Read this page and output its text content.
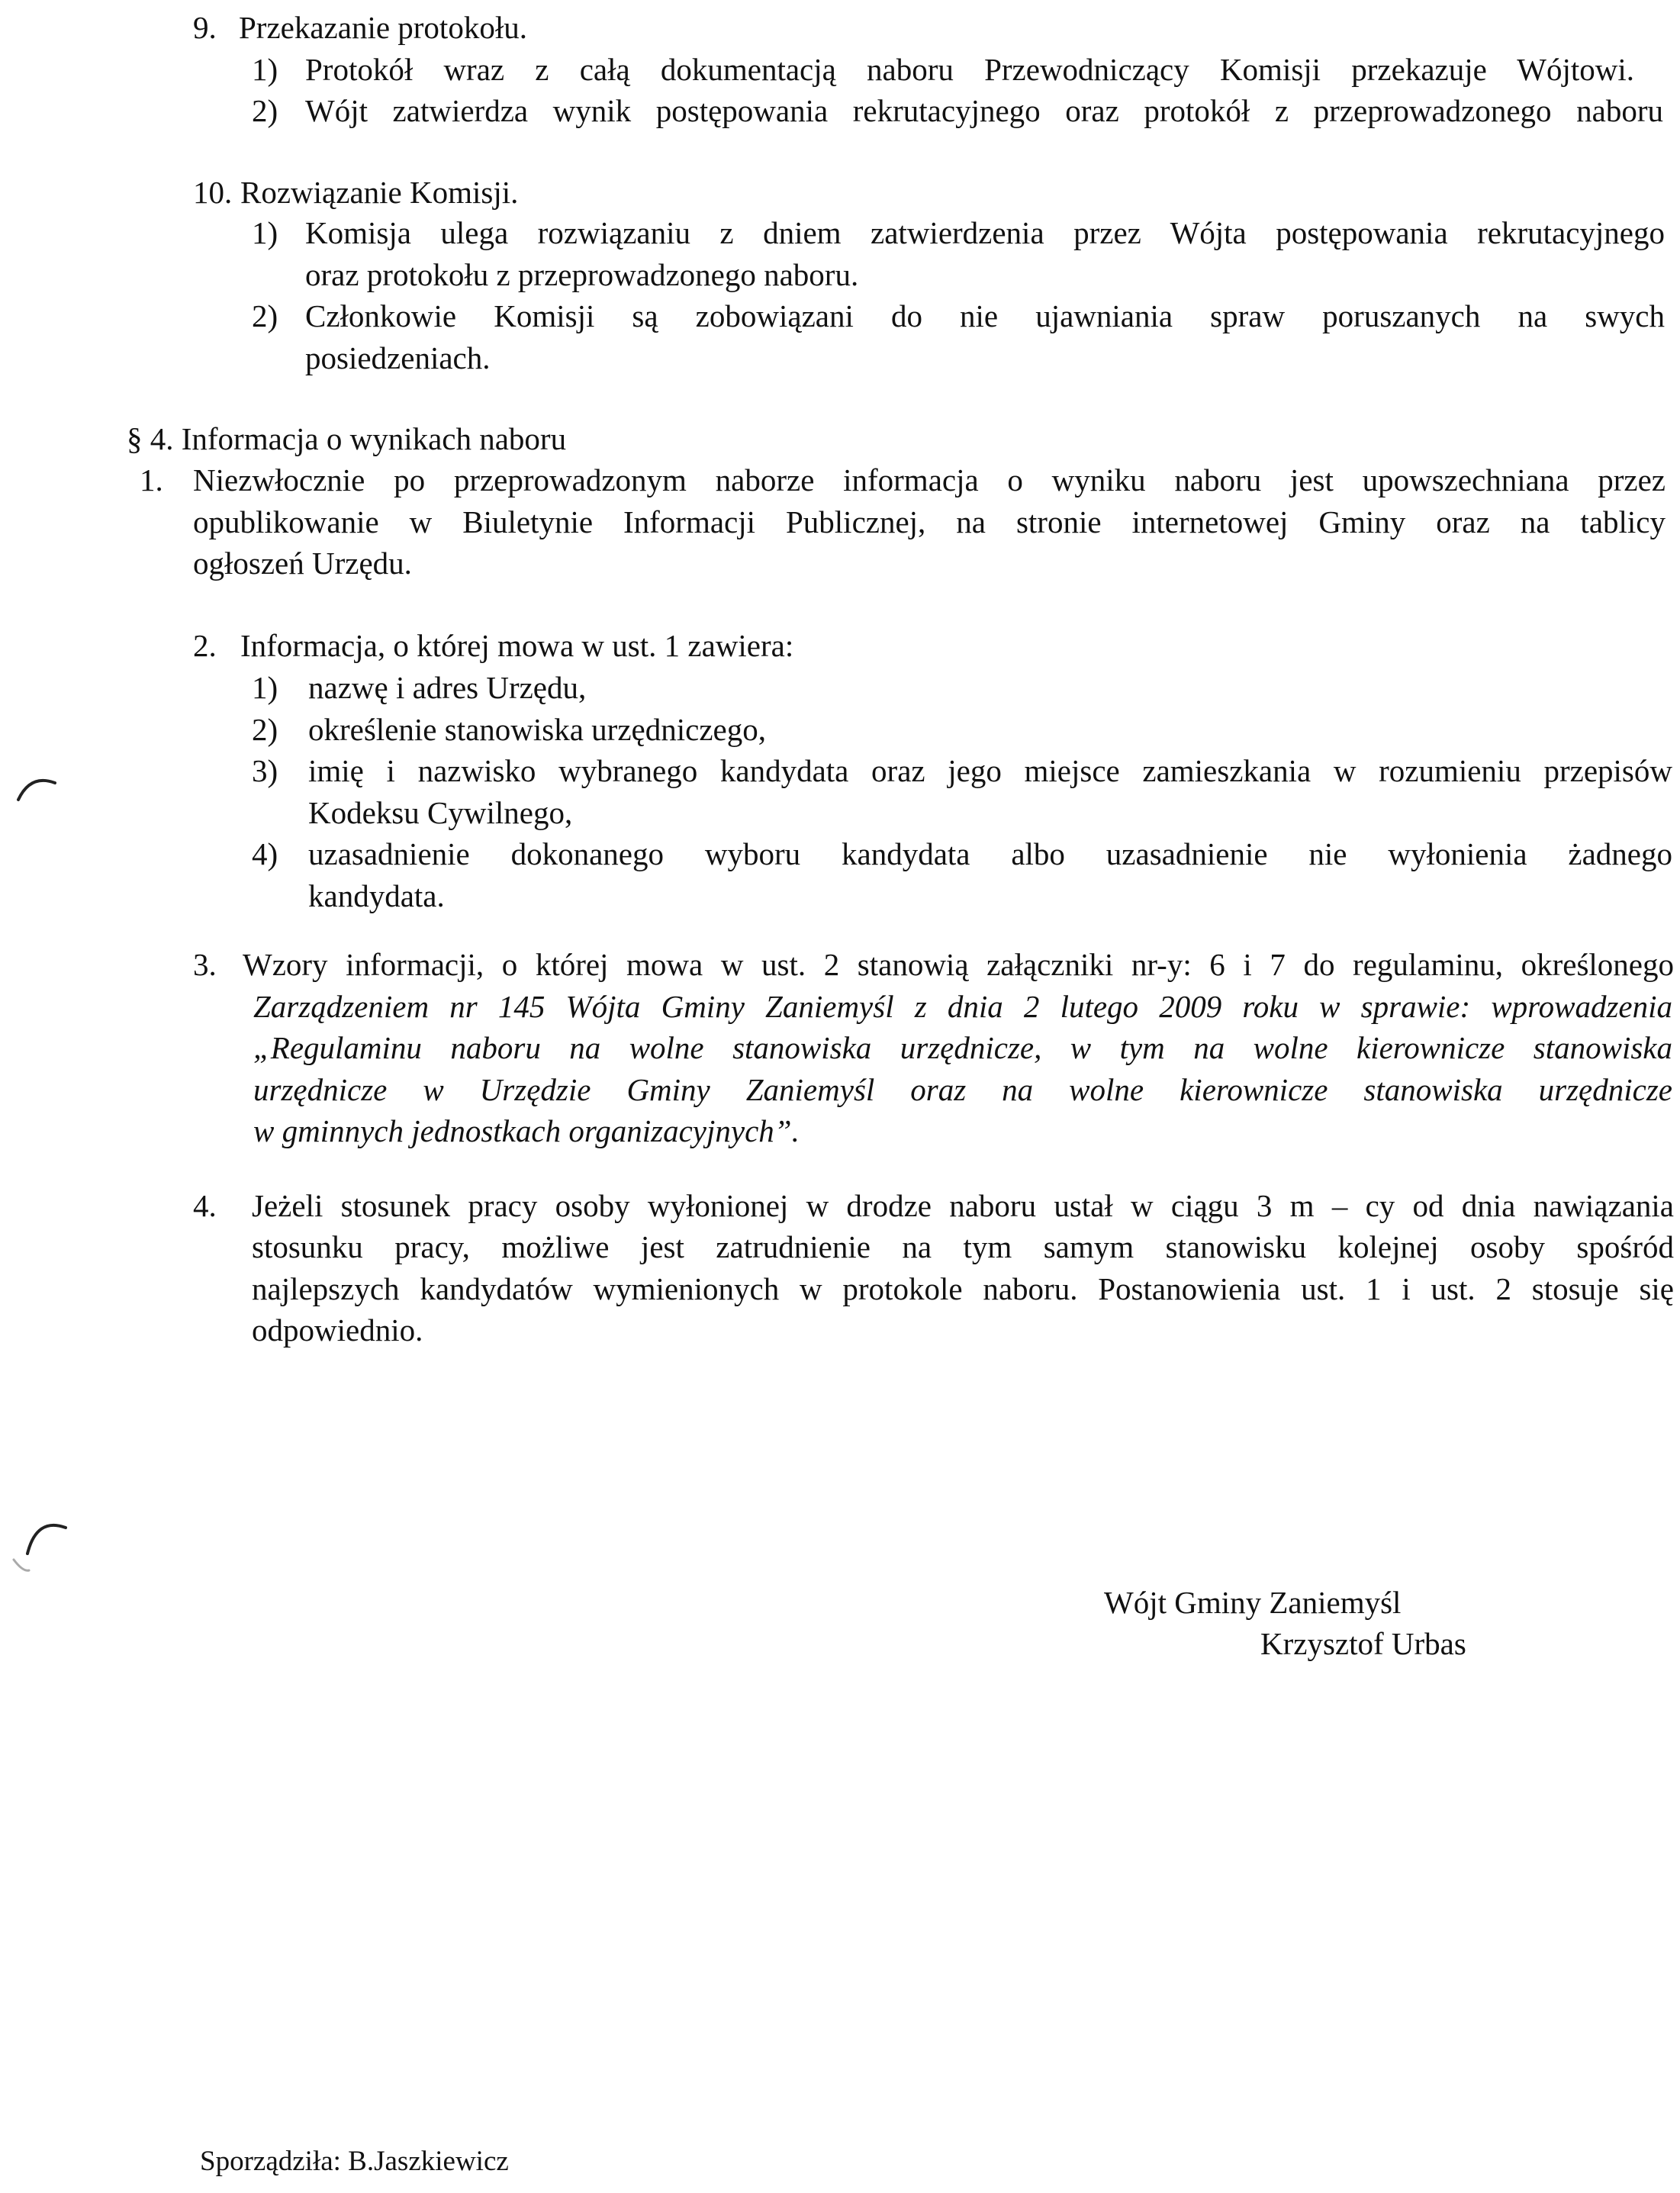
9. Przekazanie protokołu.
1) Protokół wraz z całą dokumentacją naboru Przewodniczący Komisji przekazuje Wójtowi.
2) Wójt zatwierdza wynik postępowania rekrutacyjnego oraz protokół z przeprowadzonego naboru
10. Rozwiązanie Komisji.
1) Komisja ulega rozwiązaniu z dniem zatwierdzenia przez Wójta postępowania rekrutacyjnego
oraz protokołu z przeprowadzonego naboru.
2) Członkowie Komisji są zobowiązani do nie ujawniania spraw poruszanych na swych
posiedzeniach.
§ 4. Informacja o wynikach naboru
1. Niezwłocznie po przeprowadzonym naborze informacja o wyniku naboru jest upowszechniana przez
opublikowanie w Biuletynie Informacji Publicznej, na stronie internetowej Gminy oraz na tablicy
ogłoszeń Urzędu.
2. Informacja, o której mowa w ust. 1 zawiera:
1) nazwę i adres Urzędu,
2) określenie stanowiska urzędniczego,
3) imię i nazwisko wybranego kandydata oraz jego miejsce zamieszkania w rozumieniu przepisów
Kodeksu Cywilnego,
4) uzasadnienie dokonanego wyboru kandydata albo uzasadnienie nie wyłonienia żadnego
kandydata.
3. Wzory informacji, o której mowa w ust. 2 stanowią załączniki nr-y: 6 i 7 do regulaminu, określonego
Zarządzeniem nr 145 Wójta Gminy Zaniemyśl z dnia 2 lutego 2009 roku w sprawie: wprowadzenia
„Regulaminu naboru na wolne stanowiska urzędnicze, w tym na wolne kierownicze stanowiska
urzędnicze w Urzędzie Gminy Zaniemyśl oraz na wolne kierownicze stanowiska urzędnicze
w gminnych jednostkach organizacyjnych”.
4. Jeżeli stosunek pracy osoby wyłonionej w drodze naboru ustał w ciągu 3 m – cy od dnia nawiązania
stosunku pracy, możliwe jest zatrudnienie na tym samym stanowisku kolejnej osoby spośród
najlepszych kandydatów wymienionych w protokole naboru. Postanowienia ust. 1 i ust. 2 stosuje się
odpowiednio.
Wójt Gminy Zaniemyśl
Krzysztof Urbas
Sporządziła: B.Jaszkiewicz
